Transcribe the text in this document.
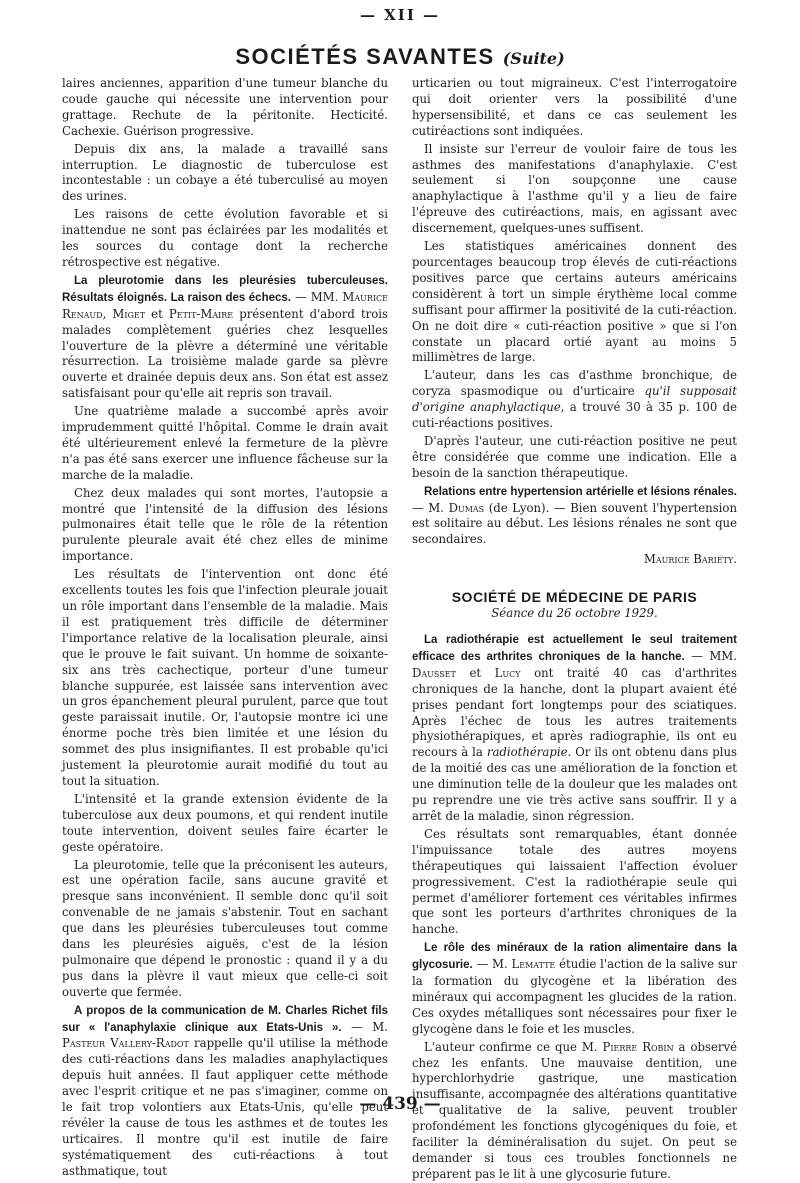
— XII —
SOCIÉTÉS SAVANTES (Suite)

laires anciennes, apparition d'une tumeur blanche du coude gauche qui nécessite une intervention pour grattage. Rechute de la péritonite. Hecticité. Cachexie. Guérison progressive.

Depuis dix ans, la malade a travaillé sans interruption. Le diagnostic de tuberculose est incontestable : un cobaye a été tuberculisé au moyen des urines.

Les raisons de cette évolution favorable et si inattendue ne sont pas éclairées par les modalités et les sources du contage dont la recherche rétrospective est négative.

La pleurotomie dans les pleurésies tuberculeuses. Résultats éloignés. La raison des échecs. — MM. Maurice Renaud, Miget et Petit-Maire présentent d'abord trois malades complètement guéries chez lesquelles l'ouverture de la plèvre a déterminé une véritable résurrection. La troisième malade garde sa plèvre ouverte et drainée depuis deux ans. Son état est assez satisfaisant pour qu'elle ait repris son travail.

Une quatrième malade a succombé après avoir imprudemment quitté l'hôpital. Comme le drain avait été ultérieurement enlevé la fermeture de la plèvre n'a pas été sans exercer une influence fâcheuse sur la marche de la maladie.

Chez deux malades qui sont mortes, l'autopsie a montré que l'intensité de la diffusion des lésions pulmonaires était telle que le rôle de la rétention purulente pleurale avait été chez elles de minime importance.

Les résultats de l'intervention ont donc été excellents toutes les fois que l'infection pleurale jouait un rôle important dans l'ensemble de la maladie. Mais il est pratiquement très difficile de déterminer l'importance relative de la localisation pleurale, ainsi que le prouve le fait suivant. Un homme de soixante-six ans très cachectique, porteur d'une tumeur blanche suppurée, est laissée sans intervention avec un gros épanchement pleural purulent, parce que tout geste paraissait inutile. Or, l'autopsie montre ici une énorme poche très bien limitée et une lésion du sommet des plus insignifiantes. Il est probable qu'ici justement la pleurotomie aurait modifié du tout au tout la situation.

L'intensité et la grande extension évidente de la tuberculose aux deux poumons, et qui rendent inutile toute intervention, doivent seules faire écarter le geste opératoire.

La pleurotomie, telle que la préconisent les auteurs, est une opération facile, sans aucune gravité et presque sans inconvénient. Il semble donc qu'il soit convenable de ne jamais s'abstenir. Tout en sachant que dans les pleurésies tuberculeuses tout comme dans les pleurésies aiguës, c'est de la lésion pulmonaire que dépend le pronostic : quand il y a du pus dans la plèvre il vaut mieux que celle-ci soit ouverte que fermée.

A propos de la communication de M. Charles Richet fils sur « l'anaphylaxie clinique aux Etats-Unis ». — M. Pasteur Vallery-Radot rappelle qu'il utilise la méthode des cuti-réactions dans les maladies anaphylactiques depuis huit années. Il faut appliquer cette méthode avec l'esprit critique et ne pas s'imaginer, comme on le fait trop volontiers aux Etats-Unis, qu'elle peut révéler la cause de tous les asthmes et de toutes les urticaires. Il montre qu'il est inutile de faire systématiquement des cuti-réactions à tout asthmatique, tout

urticarien ou tout migraineux. C'est l'interrogatoire qui doit orienter vers la possibilité d'une hypersensibilité, et dans ce cas seulement les cutiréactions sont indiquées.

Il insiste sur l'erreur de vouloir faire de tous les asthmes des manifestations d'anaphylaxie. C'est seulement si l'on soupçonne une cause anaphylactique à l'asthme qu'il y a lieu de faire l'épreuve des cutiréactions, mais, en agissant avec discernement, quelques-unes suffisent.

Les statistiques américaines donnent des pourcentages beaucoup trop élevés de cuti-réactions positives parce que certains auteurs américains considèrent à tort un simple érythème local comme suffisant pour affirmer la positivité de la cuti-réaction. On ne doit dire « cuti-réaction positive » que si l'on constate un placard ortié ayant au moins 5 millimètres de large.

L'auteur, dans les cas d'asthme bronchique, de coryza spasmodique ou d'urticaire qu'il supposait d'origine anaphylactique, a trouvé 30 à 35 p. 100 de cuti-réactions positives.

D'après l'auteur, une cuti-réaction positive ne peut être considérée que comme une indication. Elle a besoin de la sanction thérapeutique.

Relations entre hypertension artérielle et lésions rénales. — M. Dumas (de Lyon). — Bien souvent l'hypertension est solitaire au début. Les lésions rénales ne sont que secondaires.

Maurice Bariéty.
SOCIÉTÉ DE MÉDECINE DE PARIS
Séance du 26 octobre 1929.

La radiothérapie est actuellement le seul traitement efficace des arthrites chroniques de la hanche. — MM. Dausset et Lucy ont traité 40 cas d'arthrites chroniques de la hanche, dont la plupart avaient été prises pendant fort longtemps pour des sciatiques. Après l'échec de tous les autres traitements physiothérapiques, et après radiographie, ils ont eu recours à la radiothérapie. Or ils ont obtenu dans plus de la moitié des cas une amélioration de la fonction et une diminution telle de la douleur que les malades ont pu reprendre une vie très active sans souffrir. Il y a arrêt de la maladie, sinon régression.

Ces résultats sont remarquables, étant donnée l'impuissance totale des autres moyens thérapeutiques qui laissaient l'affection évoluer progressivement. C'est la radiothérapie seule qui permet d'améliorer fortement ces véritables infirmes que sont les porteurs d'arthrites chroniques de la hanche.

Le rôle des minéraux de la ration alimentaire dans la glycosurie. — M. Lematte étudie l'action de la salive sur la formation du glycogène et la libération des minéraux qui accompagnent les glucides de la ration. Ces oxydes métalliques sont nécessaires pour fixer le glycogène dans le foie et les muscles.

L'auteur confirme ce que M. Pierre Robin a observé chez les enfants. Une mauvaise dentition, une hyperchlorhydrie gastrique, une mastication insuffisante, accompagnée des altérations quantitative et qualitative de la salive, peuvent troubler profondément les fonctions glycogéniques du foie, et faciliter la déminéralisation du sujet. On peut se demander si tous ces troubles fonctionnels ne préparent pas le lit à une glycosurie future.

— 439 —
